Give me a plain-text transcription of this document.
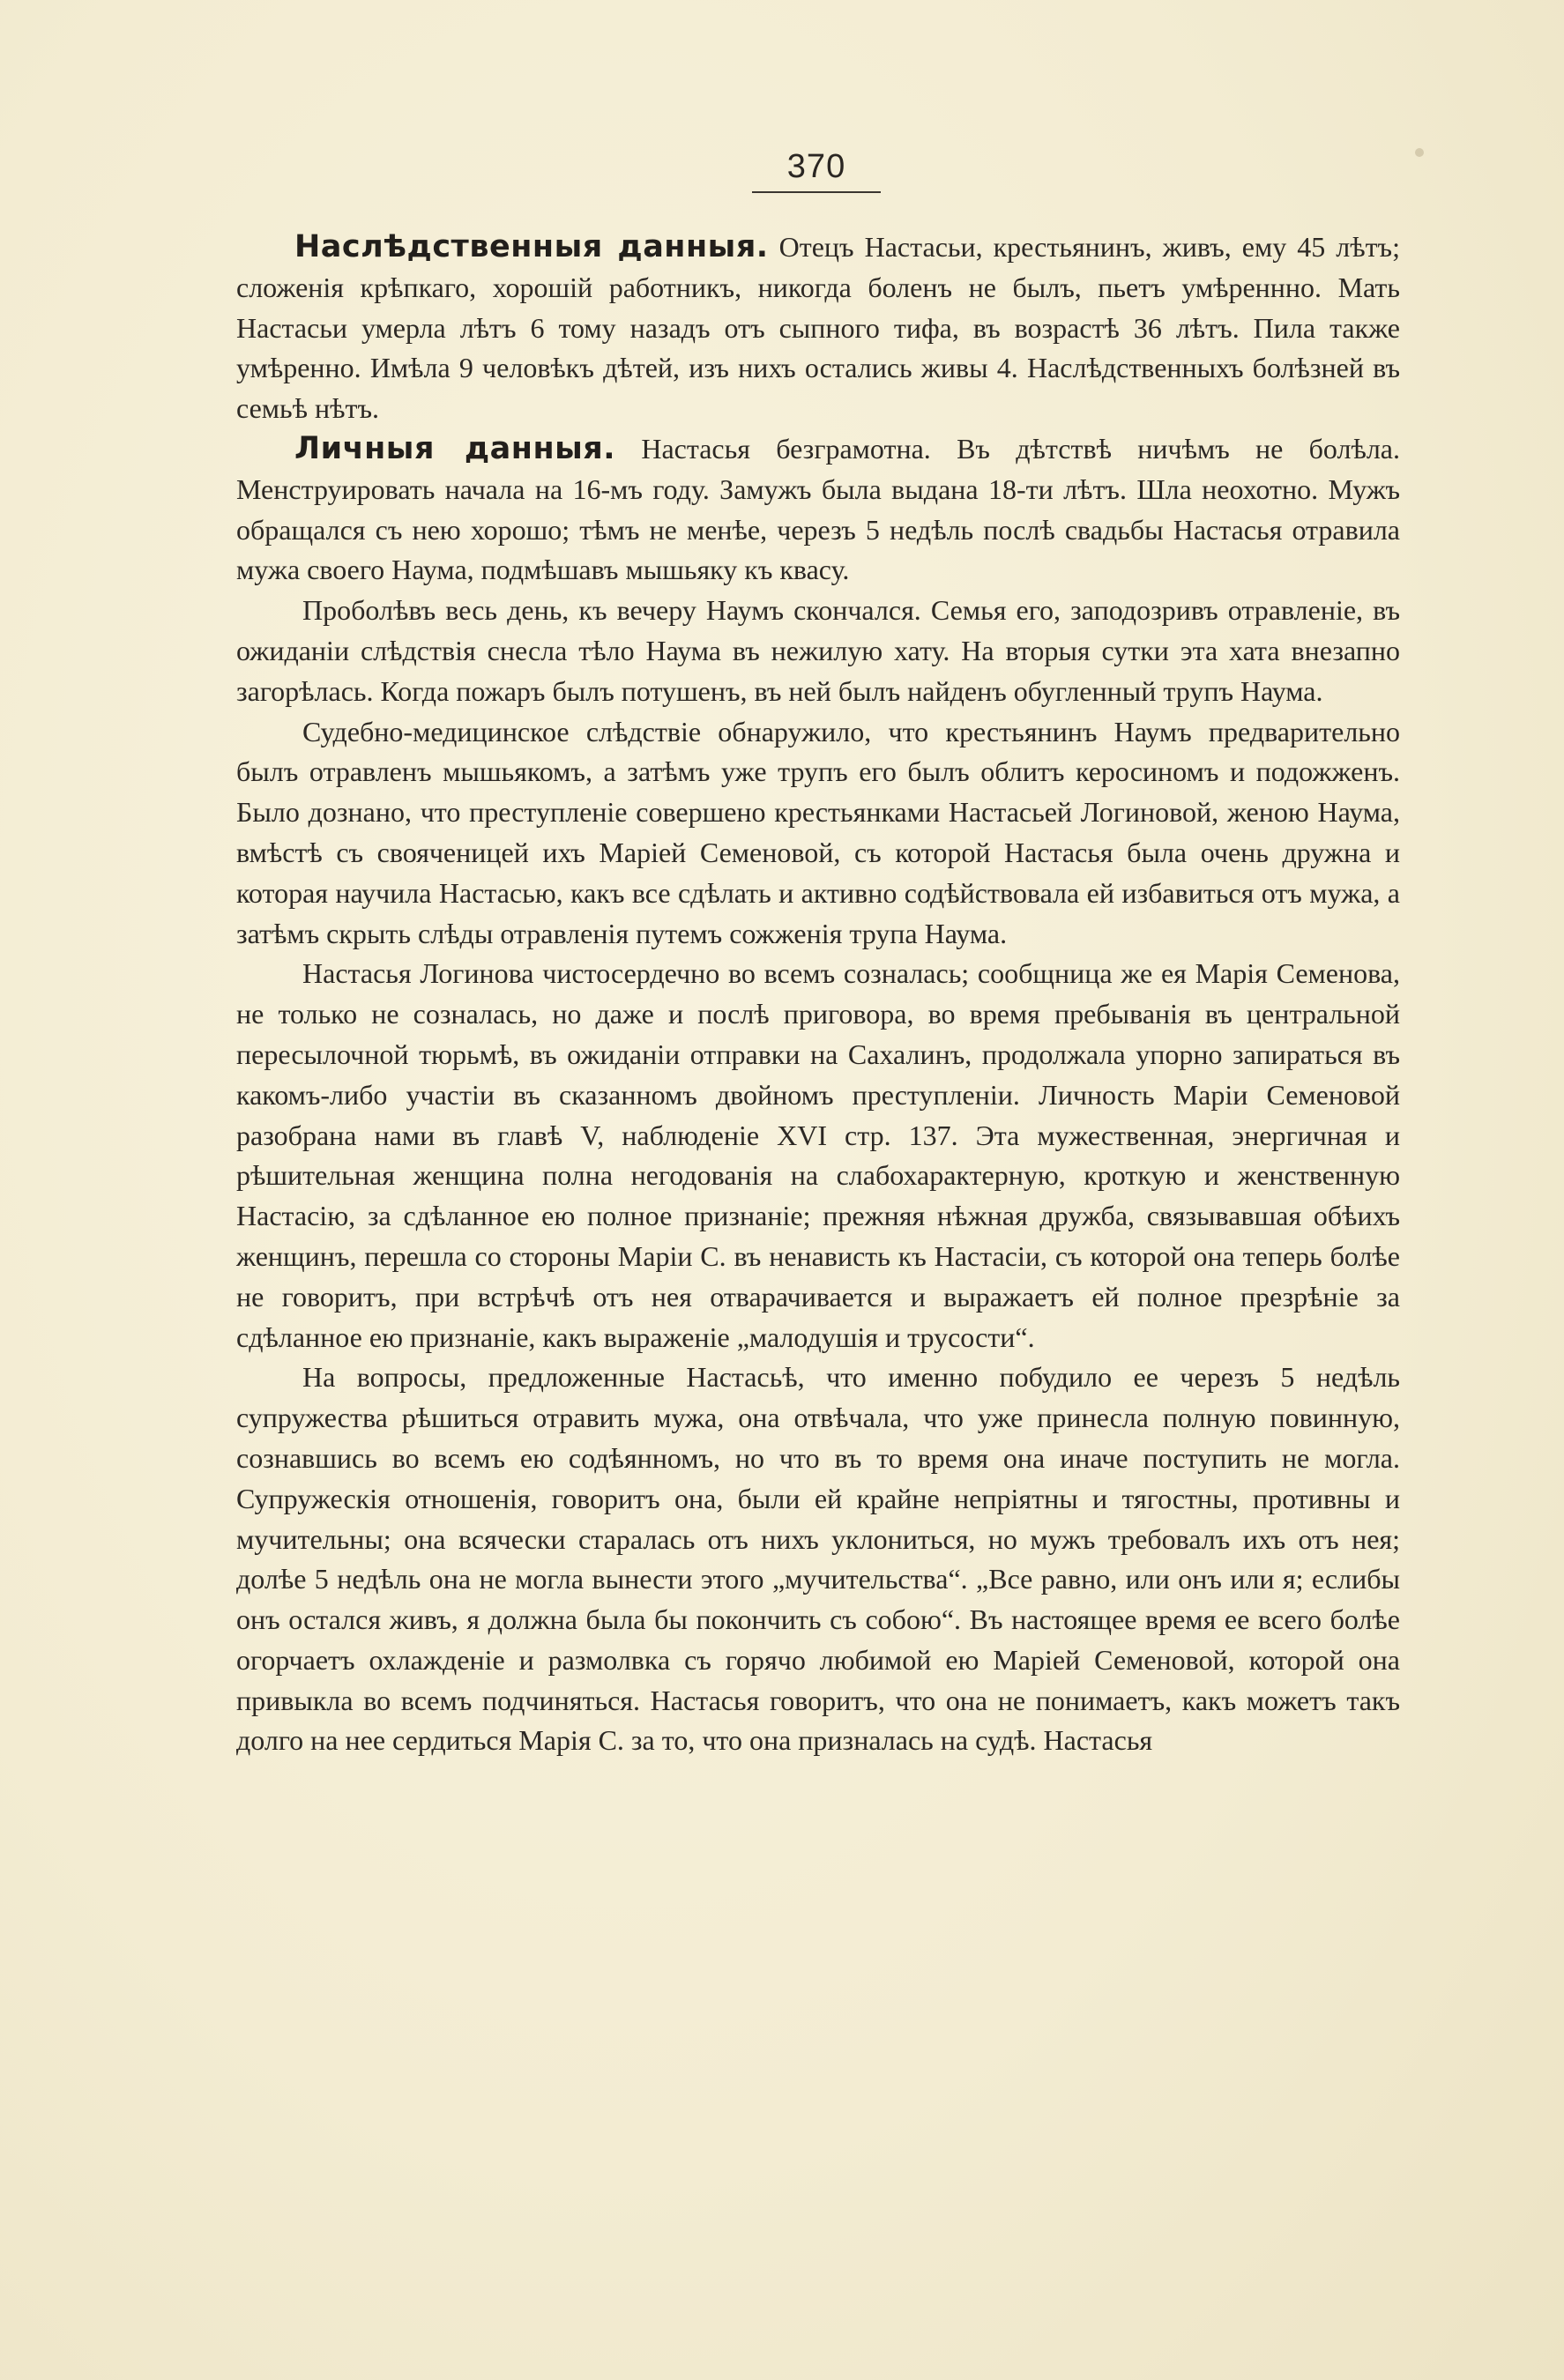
370

Наслѣдственныя данныя. Отецъ Настасьи, крестьянинъ, живъ, ему 45 лѣтъ; сложенія крѣпкаго, хорошій работникъ, никогда боленъ не былъ, пьетъ умѣреннно. Мать Настасьи умерла лѣтъ 6 тому назадъ отъ сыпного тифа, въ возрастѣ 36 лѣтъ. Пила также умѣренно. Имѣла 9 человѣкъ дѣтей, изъ нихъ остались живы 4. Наслѣдственныхъ болѣзней въ семьѣ нѣтъ.

Личныя данныя. Настасья безграмотна. Въ дѣтствѣ ничѣмъ не болѣла. Менструировать начала на 16-мъ году. Замужъ была выдана 18-ти лѣтъ. Шла неохотно. Мужъ обращался съ нею хорошо; тѣмъ не менѣе, черезъ 5 недѣль послѣ свадьбы Настасья отравила мужа своего Наума, подмѣшавъ мышьяку къ квасу.

Проболѣвъ весь день, къ вечеру Наумъ скончался. Семья его, заподозривъ отравленіе, въ ожиданіи слѣдствія снесла тѣло Наума въ нежилую хату. На вторыя сутки эта хата внезапно загорѣлась. Когда пожаръ былъ потушенъ, въ ней былъ найденъ обугленный трупъ Наума.

Судебно-медицинское слѣдствіе обнаружило, что крестьянинъ Наумъ предварительно былъ отравленъ мышьякомъ, а затѣмъ уже трупъ его былъ облитъ керосиномъ и подожженъ. Было дознано, что преступленіе совершено крестьянками Настасьей Логиновой, женою Наума, вмѣстѣ съ свояченицей ихъ Маріей Семеновой, съ которой Настасья была очень дружна и которая научила Настасью, какъ все сдѣлать и активно содѣйствовала ей избавиться отъ мужа, а затѣмъ скрыть слѣды отравленія путемъ сожженія трупа Наума.

Настасья Логинова чистосердечно во всемъ созналась; сообщница же ея Марія Семенова, не только не созналась, но даже и послѣ приговора, во время пребыванія въ центральной пересылочной тюрьмѣ, въ ожиданіи отправки на Сахалинъ, продолжала упорно запираться въ какомъ-либо участіи въ сказанномъ двойномъ преступленіи. Личность Маріи Семеновой разобрана нами въ главѣ V, наблюденіе XVI стр. 137. Эта мужественная, энергичная и рѣшительная женщина полна негодованія на слабохарактерную, кроткую и женственную Настасію, за сдѣланное ею полное признаніе; прежняя нѣжная дружба, связывавшая обѣихъ женщинъ, перешла со стороны Маріи С. въ ненависть къ Настасіи, съ которой она теперь болѣе не говоритъ, при встрѣчѣ отъ нея отварачивается и выражаетъ ей полное презрѣніе за сдѣланное ею признаніе, какъ выраженіе „малодушія и трусости“.

На вопросы, предложенные Настасьѣ, что именно побудило ее черезъ 5 недѣль супружества рѣшиться отравить мужа, она отвѣчала, что уже принесла полную повинную, сознавшись во всемъ ею содѣянномъ, но что въ то время она иначе поступить не могла. Супружескія отношенія, говоритъ она, были ей крайне непріятны и тягостны, противны и мучительны; она всячески старалась отъ нихъ уклониться, но мужъ требовалъ ихъ отъ нея; долѣе 5 недѣль она не могла вынести этого „мучительства“. „Все равно, или онъ или я; еслибы онъ остался живъ, я должна была бы покончить съ собою“. Въ настоящее время ее всего болѣе огорчаетъ охлажденіе и размолвка съ горячо любимой ею Маріей Семеновой, которой она привыкла во всемъ подчиняться. Настасья говоритъ, что она не понимаетъ, какъ можетъ такъ долго на нее сердиться Марія С. за то, что она призналась на судѣ. Настасья
